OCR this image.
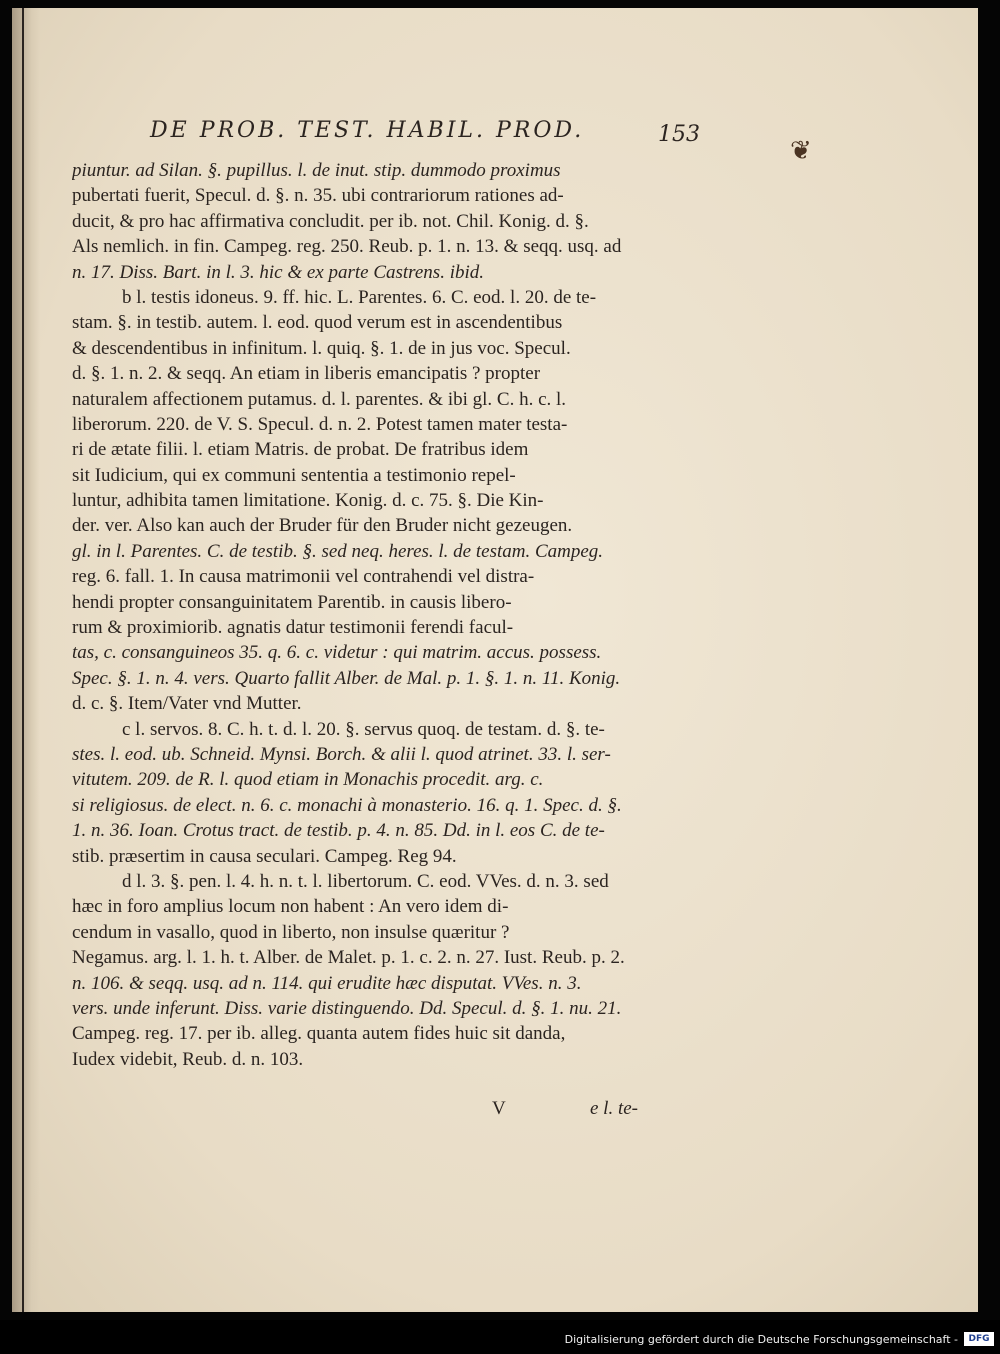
DE PROB. TEST. HABIL. PROD.	153
❦
piuntur. ad Silan. §. pupillus. l. de inut. stip. dummodo proximus
pubertati fuerit, Specul. d. §. n. 35. ubi contrariorum rationes ad-
ducit, & pro hac affirmativa concludit. per ib. not. Chil. Konig. d. §.
Als nemlich. in fin. Campeg. reg. 250. Reub. p. 1. n. 13. & seqq. usq. ad
n. 17. Diss. Bart. in l. 3. hic & ex parte Castrens. ibid.
b l. testis idoneus. 9. ff. hic. L. Parentes. 6. C. eod. l. 20. de te-
stam. §. in testib. autem. l. eod. quod verum est in ascendentibus
& descendentibus in infinitum. l. quiq. §. 1. de in jus voc. Specul.
d. §. 1. n. 2. & seqq. An etiam in liberis emancipatis ? propter
naturalem affectionem putamus. d. l. parentes. & ibi gl. C. h. c. l.
liberorum. 220. de V. S. Specul. d. n. 2. Potest tamen mater testa-
ri de ætate filii. l. etiam Matris. de probat. De fratribus idem
sit Iudicium, qui ex communi sententia a testimonio repel-
luntur, adhibita tamen limitatione. Konig. d. c. 75. §. Die Kin-
der. ver. Also kan auch der Bruder für den Bruder nicht gezeugen.
gl. in l. Parentes. C. de testib. §. sed neq. heres. l. de testam. Campeg.
reg. 6. fall. 1. In causa matrimonii vel contrahendi vel distra-
hendi propter consanguinitatem Parentib. in causis libero-
rum & proximiorib. agnatis datur testimonii ferendi facul-
tas, c. consanguineos 35. q. 6. c. videtur : qui matrim. accus. possess.
Spec. §. 1. n. 4. vers. Quarto fallit Alber. de Mal. p. 1. §. 1. n. 11. Konig.
d. c. §. Item/Vater vnd Mutter.
c l. servos. 8. C. h. t. d. l. 20. §. servus quoq. de testam. d. §. te-
stes. l. eod. ub. Schneid. Mynsi. Borch. & alii l. quod atrinet. 33. l. ser-
vitutem. 209. de R. l. quod etiam in Monachis procedit. arg. c.
si religiosus. de elect. n. 6. c. monachi à monasterio. 16. q. 1. Spec. d. §.
1. n. 36. Ioan. Crotus tract. de testib. p. 4. n. 85. Dd. in l. eos C. de te-
stib. præsertim in causa seculari. Campeg. Reg 94.
d l. 3. §. pen. l. 4. h. n. t. l. libertorum. C. eod. VVes. d. n. 3. sed
hæc in foro amplius locum non habent : An vero idem di-
cendum in vasallo, quod in liberto, non insulse quæritur ?
Negamus. arg. l. 1. h. t. Alber. de Malet. p. 1. c. 2. n. 27. Iust. Reub. p. 2.
n. 106. & seqq. usq. ad n. 114. qui erudite hæc disputat. VVes. n. 3.
vers. unde inferunt. Diss. varie distinguendo. Dd. Specul. d. §. 1. nu. 21.
Campeg. reg. 17. per ib. alleg. quanta autem fides huic sit danda,
Iudex videbit, Reub. d. n. 103.
V	e l. te-
Digitalisierung gefördert durch die Deutsche Forschungsgemeinschaft -	DFG
